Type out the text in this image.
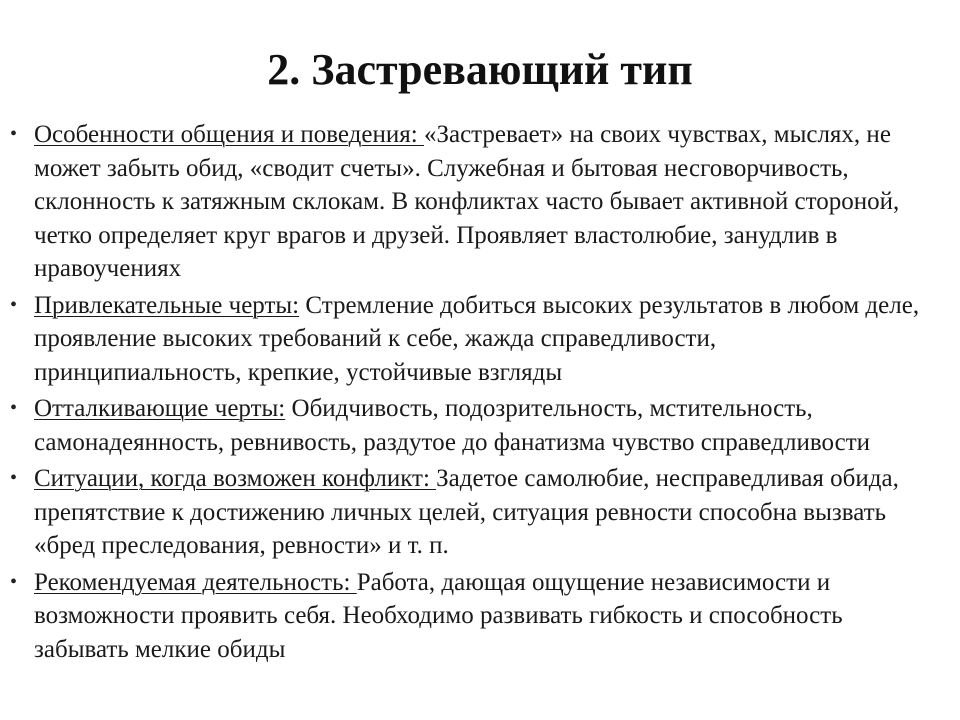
2. Застревающий тип
• Особенности общения и поведения: «Застревает» на своих чувствах, мыслях, не может забыть обид, «сводит счеты». Служебная и бытовая несговорчивость, склонность к затяжным склокам. В конфликтах часто бывает активной стороной, четко определяет круг врагов и друзей. Проявляет властолюбие, занудлив в нравоучениях
• Привлекательные черты: Стремление добиться высоких результатов в любом деле, проявление высоких требований к себе, жажда справедливости, принципиальность, крепкие, устойчивые взгляды
• Отталкивающие черты: Обидчивость, подозрительность, мстительность, самонадеянность, ревнивость, раздутое до фанатизма чувство справедливости
• Ситуации, когда возможен конфликт: Задетое самолюбие, несправедливая обида, препятствие к достижению личных целей, ситуация ревности способна вызвать «бред преследования, ревности» и т. п.
• Рекомендуемая деятельность: Работа, дающая ощущение независимости и возможности проявить себя. Необходимо развивать гибкость и способность забывать мелкие обиды
